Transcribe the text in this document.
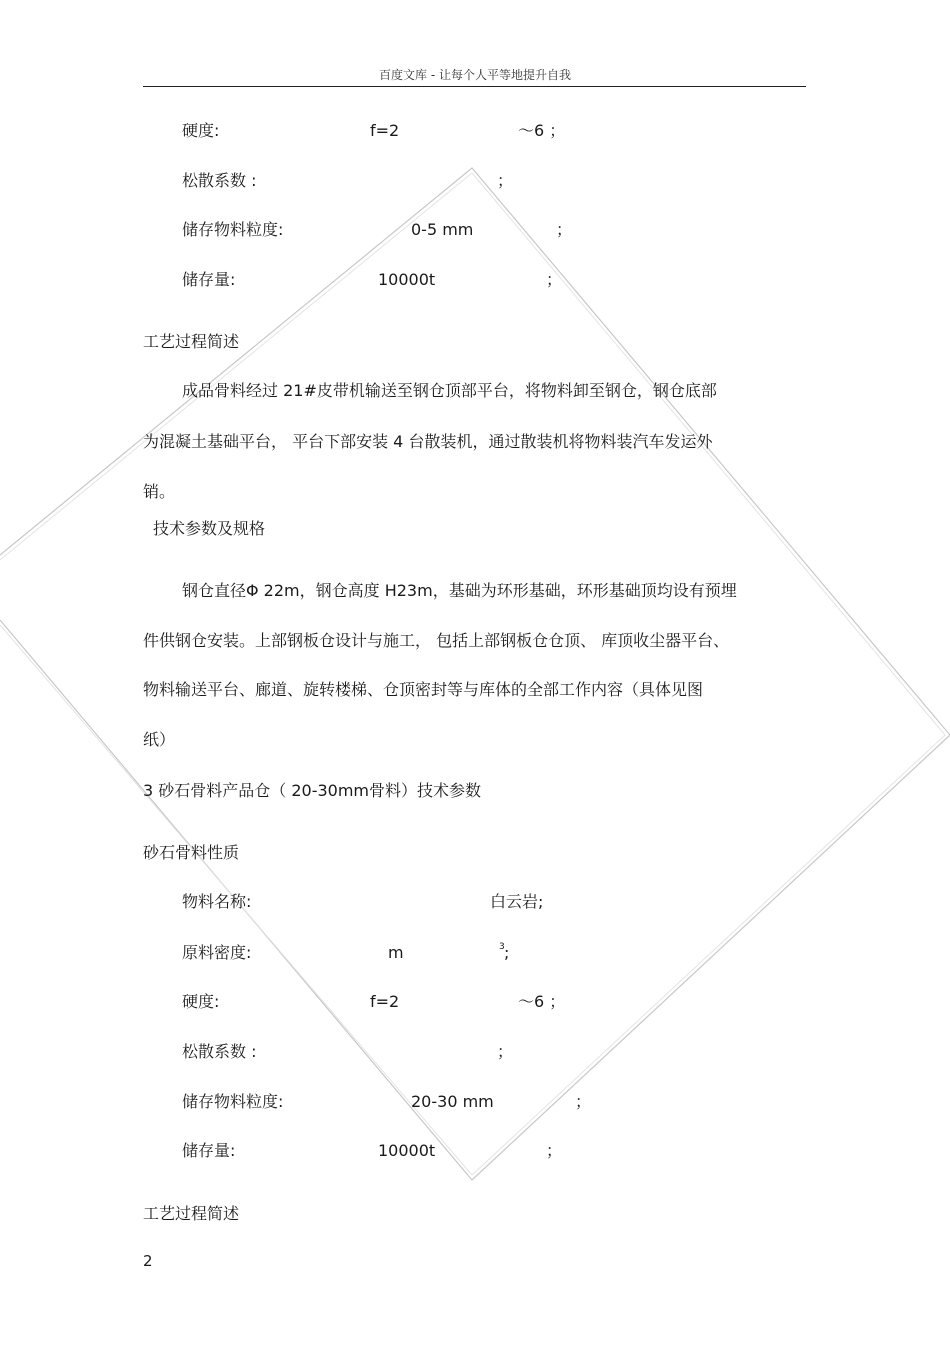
百度文库 - 让每个人平等地提升自我
硬度:	f=2	～6 ；
松散系数 :	；
储存物料粒度:	0-5 mm	；
储存量:	10000t	；
工艺过程简述
成品骨料经过 21#皮带机输送至钢仓顶部平台，将物料卸至钢仓，钢仓底部
为混凝土基础平台， 平台下部安装 4 台散装机，通过散装机将物料装汽车发运外
销。
技术参数及规格
钢仓直径Φ 22m，钢仓高度 H23m，基础为环形基础，环形基础顶均设有预埋
件供钢仓安装。上部钢板仓设计与施工， 包括上部钢板仓仓顶、 库顶收尘器平台、
物料输送平台、廊道、旋转楼梯、仓顶密封等与库体的全部工作内容（具体见图
纸）
3 砂石骨料产品仓（ 20-30mm骨料）技术参数
砂石骨料性质
物料名称:	白云岩;
原料密度:	m	3 ;
硬度:	f=2	～6 ；
松散系数 :	；
储存物料粒度:	20-30 mm	；
储存量:	10000t	；
工艺过程简述
2
